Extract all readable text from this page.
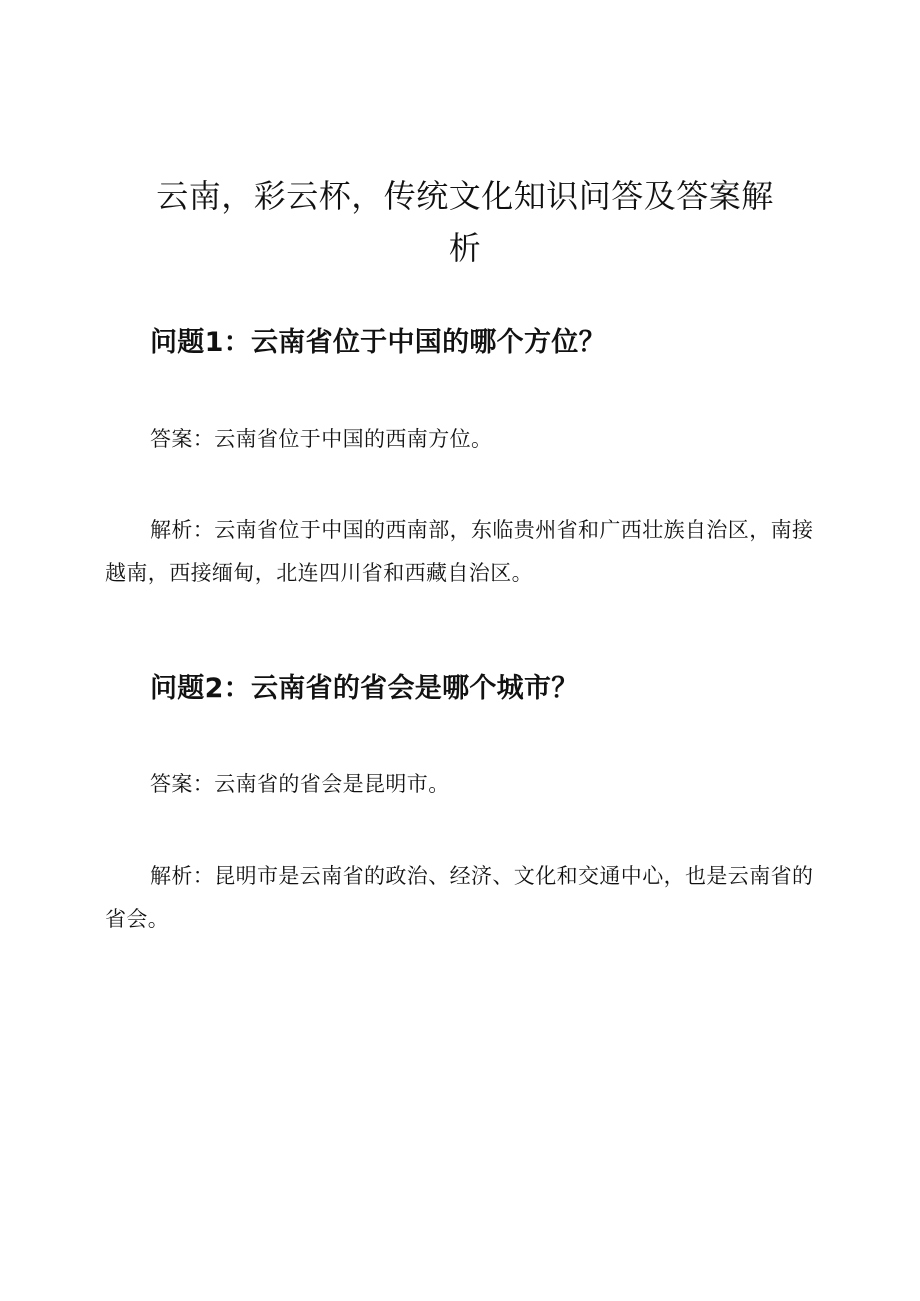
云南，彩云杯，传统文化知识问答及答案解析
问题1：云南省位于中国的哪个方位？
答案：云南省位于中国的西南方位。
解析：云南省位于中国的西南部，东临贵州省和广西壮族自治区，南接越南，西接缅甸，北连四川省和西藏自治区。
问题2：云南省的省会是哪个城市？
答案：云南省的省会是昆明市。
解析：昆明市是云南省的政治、经济、文化和交通中心，也是云南省的省会。
